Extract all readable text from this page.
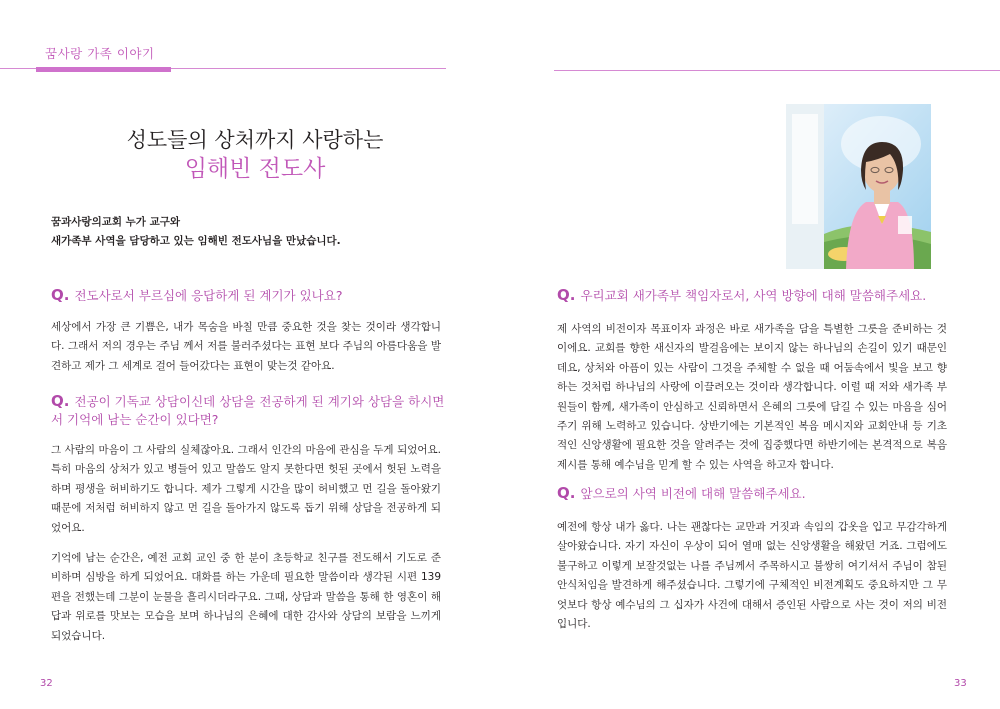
꿈사랑 가족 이야기
성도들의 상처까지 사랑하는
임해빈 전도사
꿈과사랑의교회 누가 교구와
새가족부 사역을 담당하고 있는 임해빈 전도사님을 만났습니다.
Q. 전도사로서 부르심에 응답하게 된 계기가 있나요?
세상에서 가장 큰 기쁨은, 내가 목숨을 바칠 만큼 중요한 것을 찾는 것이라 생각합니다. 그래서 저의 경우는 주님 께서 저를 불러주셨다는 표현 보다 주님의 아름다움을 발견하고 제가 그 세계로 걸어 들어갔다는 표현이 맞는것 같아요.
Q. 전공이 기독교 상담이신데 상담을 전공하게 된 계기와 상담을 하시면서 기억에 남는 순간이 있다면?
그 사람의 마음이 그 사람의 실체잖아요. 그래서 인간의 마음에 관심을 두게 되었어요. 특히 마음의 상처가 있고 병들어 있고 말씀도 알지 못한다면 헛된 곳에서 헛된 노력을 하며 평생을 허비하기도 합니다. 제가 그렇게 시간을 많이 허비했고 먼 길을 돌아왔기 때문에 저처럼 허비하지 않고 먼 길을 돌아가지 않도록 돕기 위해 상담을 전공하게 되었어요.
기억에 남는 순간은, 예전 교회 교인 중 한 분이 초등학교 친구를 전도해서 기도로 준비하며 심방을 하게 되었어요. 대화를 하는 가운데 필요한 말씀이라 생각된 시편 139편을 전했는데 그분이 눈물을 흘리시더라구요. 그때, 상담과 말씀을 통해 한 영혼이 해답과 위로를 맛보는 모습을 보며 하나님의 은혜에 대한 감사와 상담의 보람을 느끼게 되었습니다.
32
Q. 우리교회 새가족부 책임자로서, 사역 방향에 대해 말씀해주세요.
제 사역의 비전이자 목표이자 과정은 바로 새가족을 담을 특별한 그릇을 준비하는 것이에요. 교회를 향한 새신자의 발걸음에는 보이지 않는 하나님의 손길이 있기 때문인데요, 상처와 아픔이 있는 사람이 그것을 주체할 수 없을 때 어둠속에서 빛을 보고 향하는 것처럼 하나님의 사랑에 이끌려오는 것이라 생각합니다. 이럴 때 저와 새가족 부원들이 함께, 새가족이 안심하고 신뢰하면서 은혜의 그릇에 담길 수 있는 마음을 심어주기 위해 노력하고 있습니다. 상반기에는 기본적인 복음 메시지와 교회안내 등 기초적인 신앙생활에 필요한 것을 알려주는 것에 집중했다면 하반기에는 본격적으로 복음제시를 통해 예수님을 믿게 할 수 있는 사역을 하고자 합니다.
Q. 앞으로의 사역 비전에 대해 말씀해주세요.
예전에 항상 내가 옳다. 나는 괜찮다는 교만과 거짓과 속임의 갑옷을 입고 무감각하게 살아왔습니다. 자기 자신이 우상이 되어 열매 없는 신앙생활을 해왔던 거죠. 그럼에도 불구하고 이렇게 보잘것없는 나를 주님께서 주목하시고 불쌍히 여기셔서 주님이 참된 안식처임을 발견하게 해주셨습니다. 그렇기에 구체적인 비전계획도 중요하지만 그 무엇보다 항상 예수님의 그 십자가 사건에 대해서 증인된 사람으로 사는 것이 저의 비전입니다.
33
